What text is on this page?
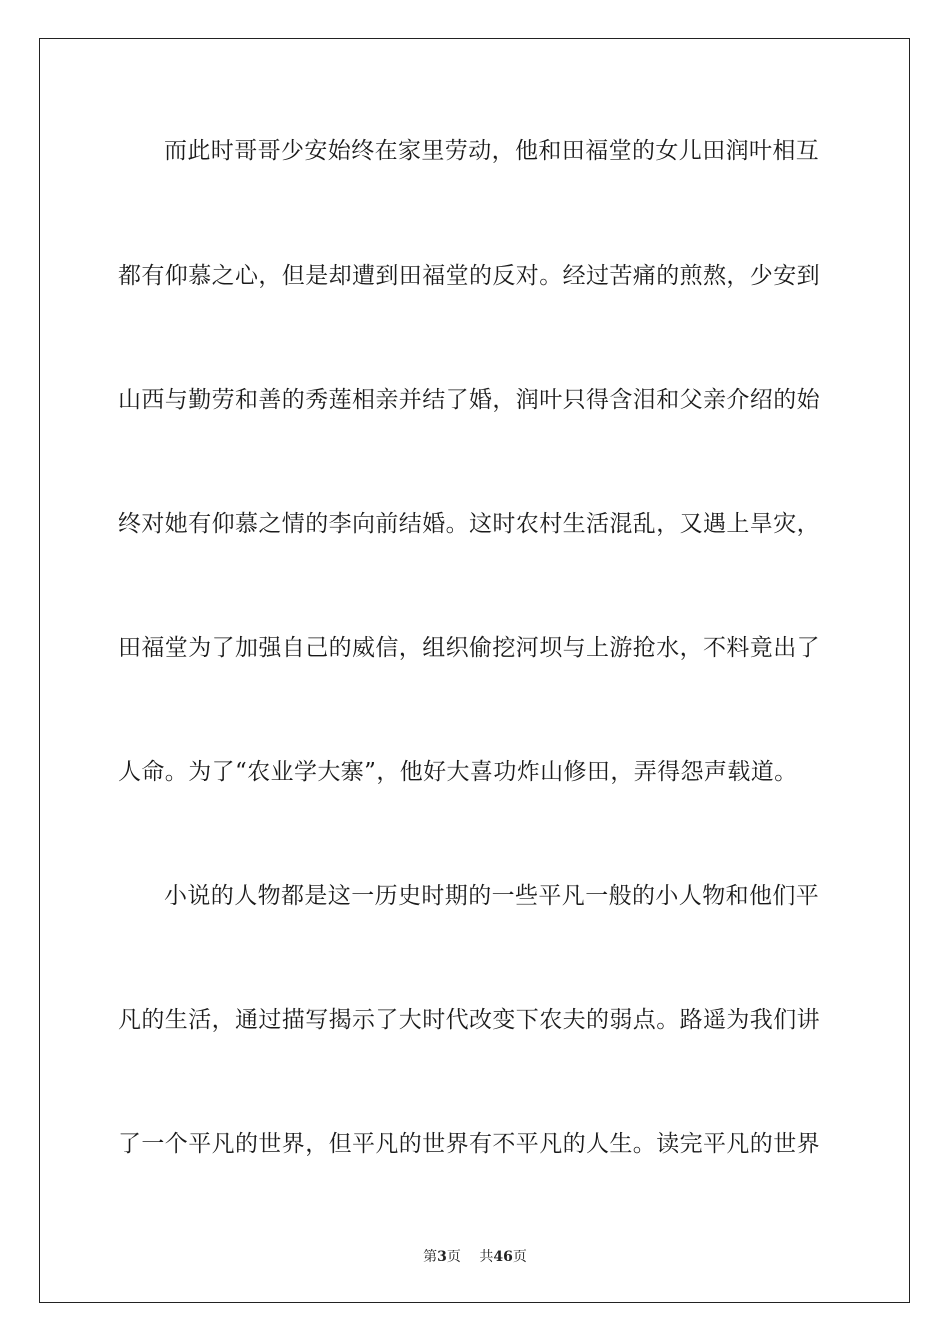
而此时哥哥少安始终在家里劳动，他和田福堂的女儿田润叶相互
都有仰慕之心，但是却遭到田福堂的反对。经过苦痛的煎熬，少安到
山西与勤劳和善的秀莲相亲并结了婚，润叶只得含泪和父亲介绍的始
终对她有仰慕之情的李向前结婚。这时农村生活混乱，又遇上旱灾，
田福堂为了加强自己的威信，组织偷挖河坝与上游抢水，不料竟出了
人命。为了“农业学大寨”，他好大喜功炸山修田，弄得怨声载道。
小说的人物都是这一历史时期的一些平凡一般的小人物和他们平
凡的生活，通过描写揭示了大时代改变下农夫的弱点。路遥为我们讲
了一个平凡的世界，但平凡的世界有不平凡的人生。读完平凡的世界
第3页 共46页
